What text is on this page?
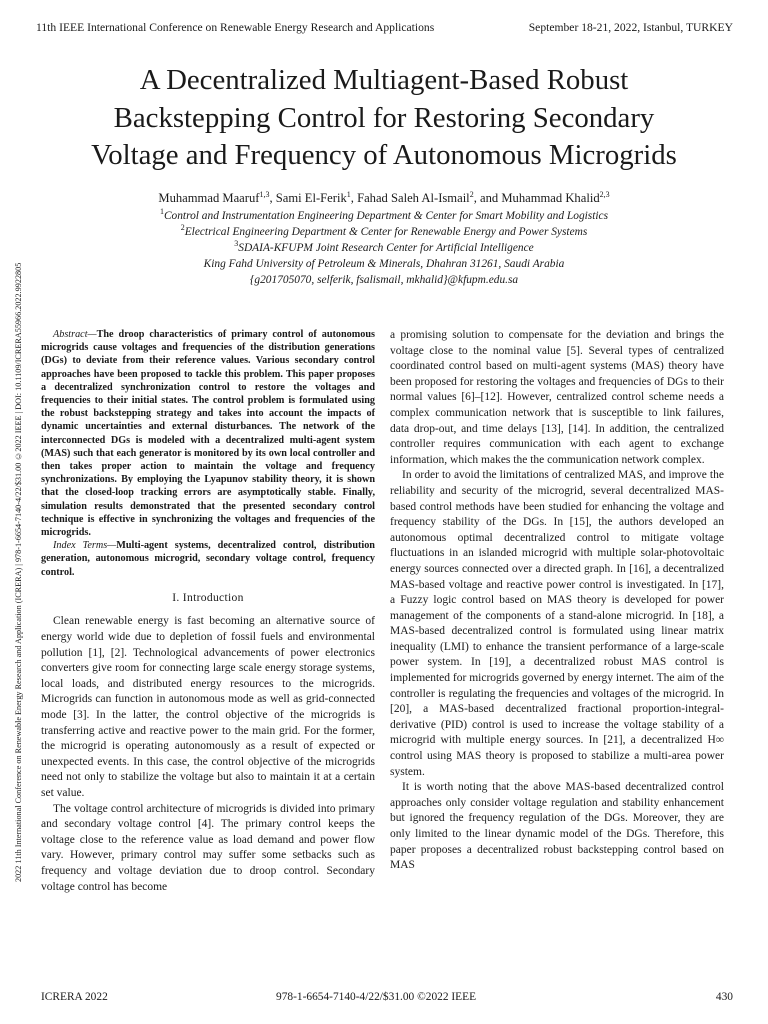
11th IEEE International Conference on Renewable Energy Research and Applications	September 18-21, 2022, Istanbul, TURKEY
2022 11th International Conference on Renewable Energy Research and Application (ICRERA) | 978-1-6654-7140-4/22/$31.00 ©2022 IEEE | DOI: 10.1109/ICRERA55966.2022.9922805
A Decentralized Multiagent-Based Robust
Backstepping Control for Restoring Secondary
Voltage and Frequency of Autonomous Microgrids
Muhammad Maaruf$^{1,3}$, Sami El-Ferik$^1$, Fahad Saleh Al-Ismail$^2$, and Muhammad Khalid$^{2,3}$
$^1$Control and Instrumentation Engineering Department & Center for Smart Mobility and Logistics
$^2$Electrical Engineering Department & Center for Renewable Energy and Power Systems
$^3$SDAIA-KFUPM Joint Research Center for Artificial Intelligence
King Fahd University of Petroleum & Minerals, Dhahran 31261, Saudi Arabia
{g201705070, selferik, fsalismail, mkhalid}@kfupm.edu.sa

Abstract—The droop characteristics of primary control of autonomous microgrids cause voltages and frequencies of the distribution generations (DGs) to deviate from their reference values. Various secondary control approaches have been proposed to tackle this problem. This paper proposes a decentralized synchronization control to restore the voltages and frequencies to their initial states. The control problem is formulated using the robust backstepping strategy and takes into account the impacts of dynamic uncertainties and external disturbances. The network of the interconnected DGs is modeled with a decentralized multi-agent system (MAS) such that each generator is monitored by its own local controller and then takes proper action to maintain the voltage and frequency synchronizations. By employing the Lyapunov stability theory, it is shown that the closed-loop tracking errors are asymptotically stable. Finally, simulation results demonstrated that the presented secondary control technique is effective in synchronizing the voltages and frequencies of the microgrids.

Index Terms—Multi-agent systems, decentralized control, distribution generation, autonomous microgrid, secondary voltage control, frequency control.

I. Introduction

Clean renewable energy is fast becoming an alternative source of energy world wide due to depletion of fossil fuels and environmental pollution [1], [2]. Technological advancements of power electronics converters give room for connecting large scale energy storage systems, local loads, and distributed energy resources to the microgrids. Microgrids can function in autonomous mode as well as grid-connected mode [3]. In the latter, the control objective of the microgrids is transferring active and reactive power to the main grid. For the former, the microgrid is operating autonomously as a result of expected or unexpected events. In this case, the control objective of the microgrids need not only to stabilize the voltage but also to maintain it at a certain set value.

The voltage control architecture of microgrids is divided into primary and secondary voltage control [4]. The primary control keeps the voltage close to the reference value as load demand and power flow vary. However, primary control may suffer some setbacks such as frequency and voltage deviation due to droop control. Secondary voltage control has become

a promising solution to compensate for the deviation and brings the voltage close to the nominal value [5]. Several types of centralized coordinated control based on multi-agent systems (MAS) theory have been proposed for restoring the voltages and frequencies of DGs to their normal values [6]–[12]. However, centralized control scheme needs a complex communication network that is susceptible to link failures, data drop-out, and time delays [13], [14]. In addition, the centralized controller requires communication with each agent to exchange information, which makes the the communication network complex.

In order to avoid the limitations of centralized MAS, and improve the reliability and security of the microgrid, several decentralized MAS-based control methods have been studied for enhancing the voltage and frequency stability of the DGs. In [15], the authors developed an autonomous optimal decentralized control to mitigate voltage fluctuations in an islanded microgrid with multiple solar-photovoltaic energy sources connected over a directed graph. In [16], a decentralized MAS-based voltage and reactive power control is investigated. In [17], a Fuzzy logic control based on MAS theory is developed for power management of the components of a stand-alone microgrid. In [18], a MAS-based decentralized control is formulated using linear matrix inequality (LMI) to enhance the transient performance of a large-scale power system. In [19], a decentralized robust MAS control is implemented for microgrids governed by energy internet. The aim of the controller is regulating the frequencies and voltages of the microgrid. In [20], a MAS-based decentralized fractional proportion-integral-derivative (PID) control is used to increase the voltage stability of a microgrid with multiple energy sources. In [21], a decentralized H∞ control using MAS theory is proposed to stabilize a multi-area power system.

It is worth noting that the above MAS-based decentralized control approaches only consider voltage regulation and stability enhancement but ignored the frequency regulation of the DGs. Moreover, they are only limited to the linear dynamic model of the DGs. Therefore, this paper proposes a decentralized robust backstepping control based on MAS

ICRERA 2022	978-1-6654-7140-4/22/$31.00 ©2022 IEEE	430
